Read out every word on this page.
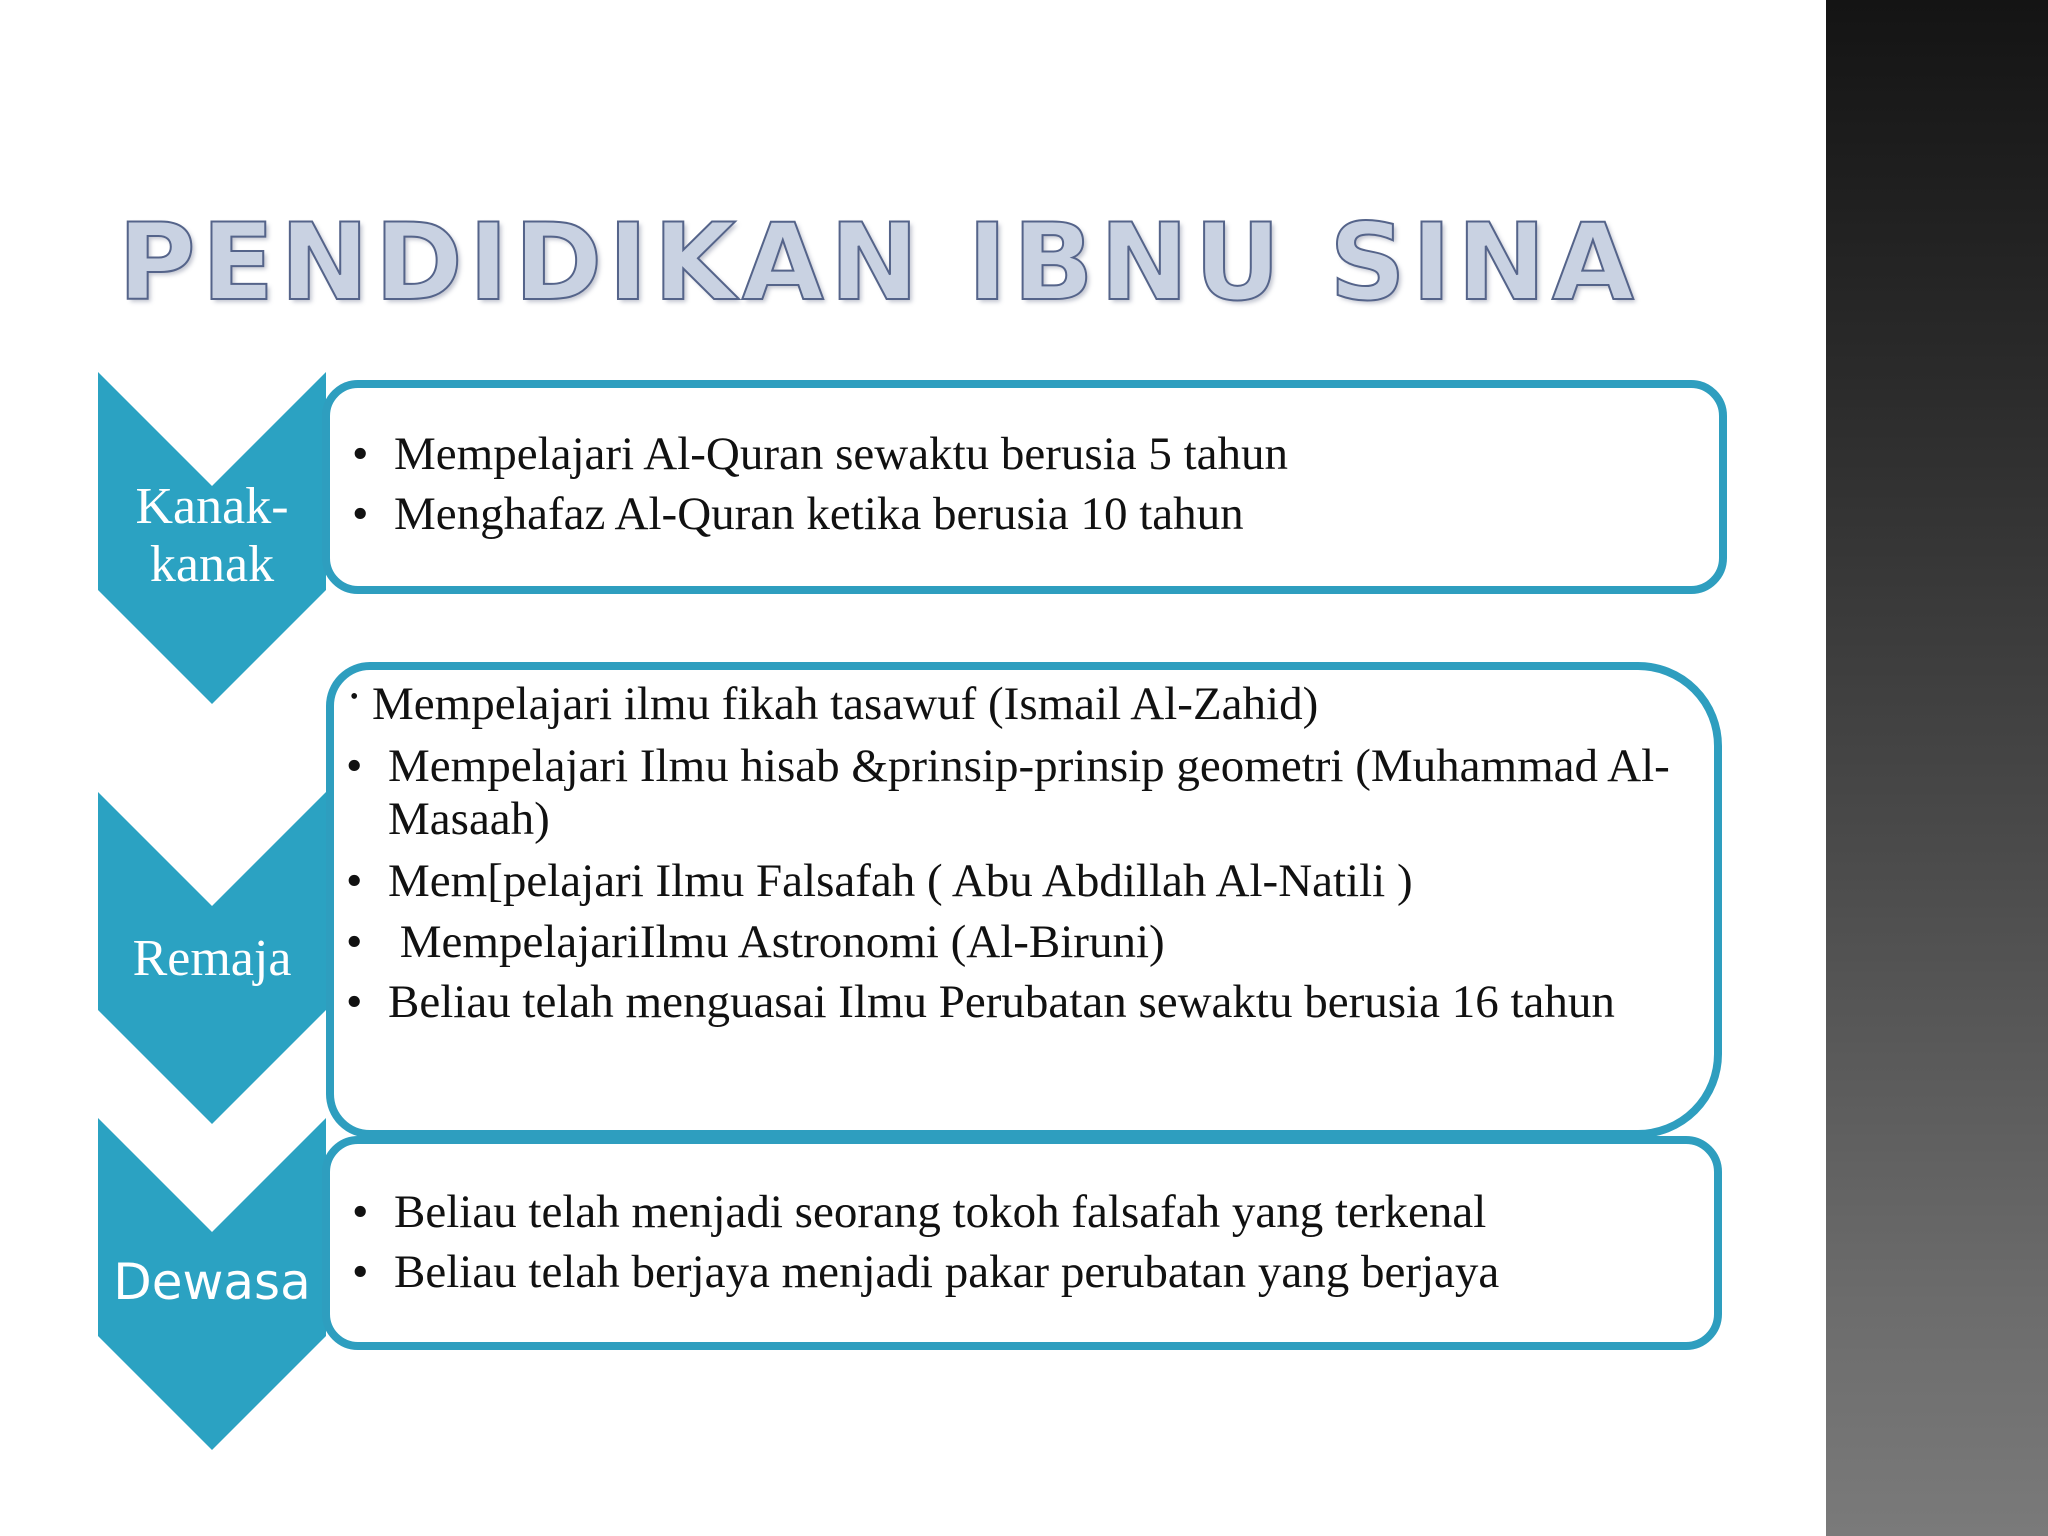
PENDIDIKAN IBNU SINA
Kanak-
kanak
• Mempelajari Al-Quran sewaktu berusia 5 tahun
• Menghafaz Al-Quran ketika berusia 10 tahun
Remaja
• Mempelajari ilmu fikah tasawuf (Ismail Al-Zahid)
• Mempelajari Ilmu hisab &prinsip-prinsip geometri (Muhammad Al-Masaah)
• Mem[pelajari Ilmu Falsafah ( Abu Abdillah Al-Natili )
•  MempelajariIlmu Astronomi (Al-Biruni)
• Beliau telah menguasai Ilmu Perubatan sewaktu berusia 16 tahun
Dewasa
• Beliau telah menjadi seorang tokoh falsafah yang terkenal
• Beliau telah berjaya menjadi pakar perubatan yang berjaya
